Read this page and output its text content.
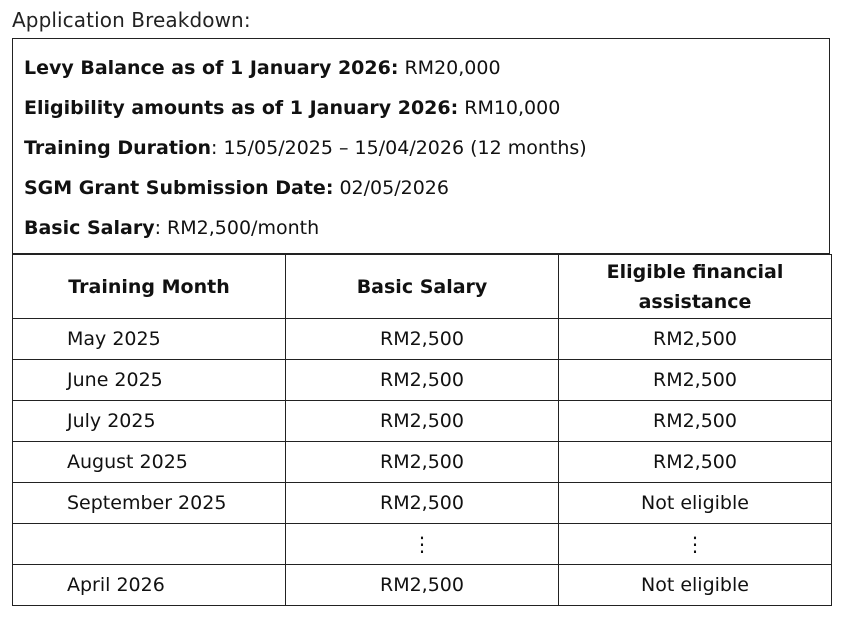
Application Breakdown:
Levy Balance as of 1 January 2026: RM20,000
Eligibility amounts as of 1 January 2026: RM10,000
Training Duration: 15/05/2025 – 15/04/2026 (12 months)
SGM Grant Submission Date: 02/05/2026
Basic Salary: RM2,500/month
Training Month	Basic Salary	Eligible financial assistance
May 2025	RM2,500	RM2,500
June 2025	RM2,500	RM2,500
July 2025	RM2,500	RM2,500
August 2025	RM2,500	RM2,500
September 2025	RM2,500	Not eligible
	⋮	⋮
April 2026	RM2,500	Not eligible
